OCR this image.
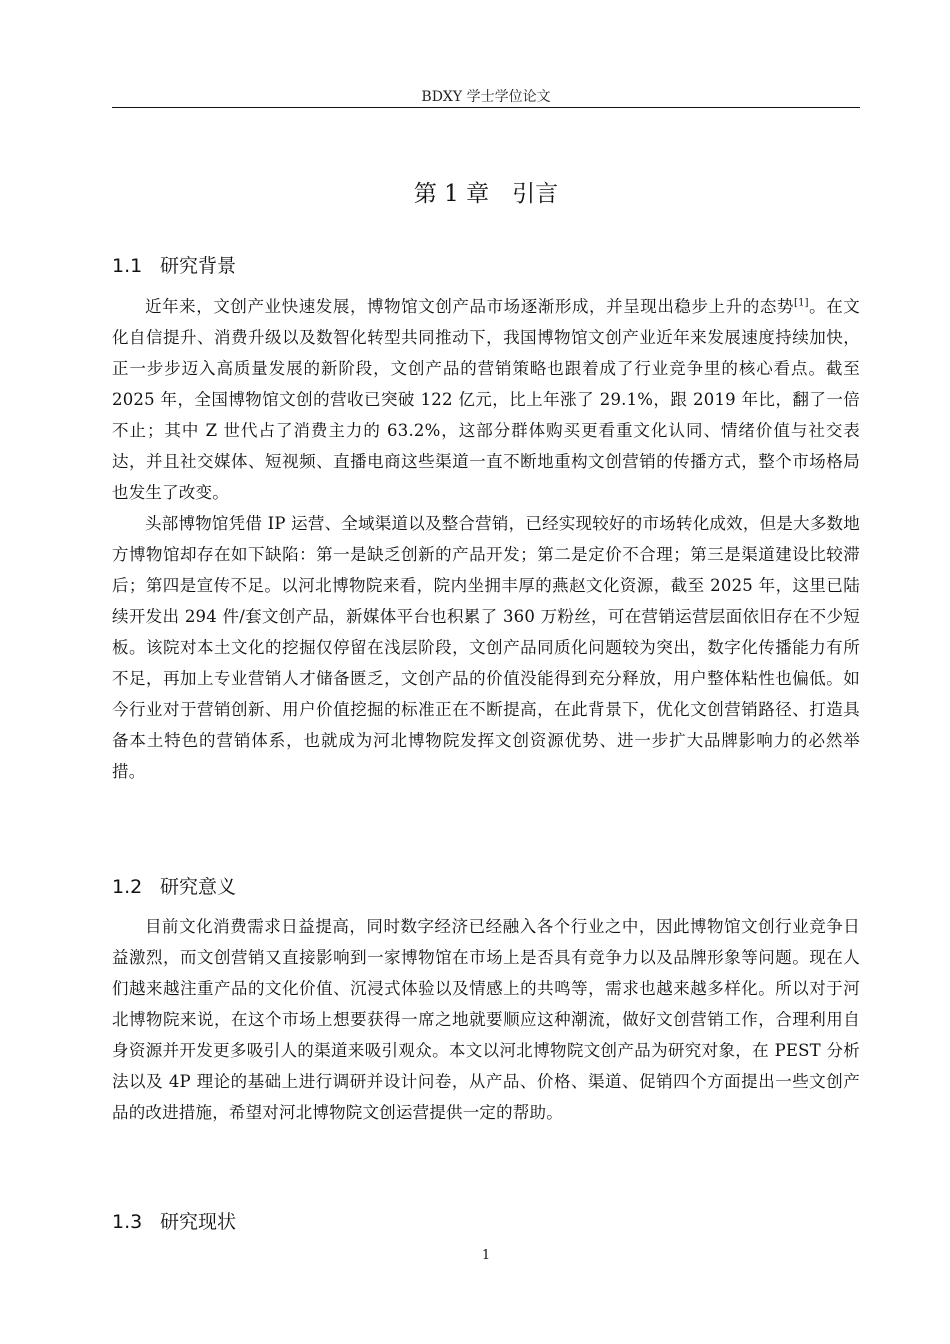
BDXY 学士学位论文
第 1 章　引言
1.1 研究背景

近年来，文创产业快速发展，博物馆文创产品市场逐渐形成，并呈现出稳步上升的态势[1]。在文化自信提升、消费升级以及数智化转型共同推动下，我国博物馆文创产业近年来发展速度持续加快，正一步步迈入高质量发展的新阶段，文创产品的营销策略也跟着成了行业竞争里的核心看点。截至 2025 年，全国博物馆文创的营收已突破 122 亿元，比上年涨了 29.1%，跟 2019 年比，翻了一倍不止；其中 Z 世代占了消费主力的 63.2%，这部分群体购买更看重文化认同、情绪价值与社交表达，并且社交媒体、短视频、直播电商这些渠道一直不断地重构文创营销的传播方式，整个市场格局也发生了改变。

头部博物馆凭借 IP 运营、全域渠道以及整合营销，已经实现较好的市场转化成效，但是大多数地方博物馆却存在如下缺陷：第一是缺乏创新的产品开发；第二是定价不合理；第三是渠道建设比较滞后；第四是宣传不足。以河北博物院来看，院内坐拥丰厚的燕赵文化资源，截至 2025 年，这里已陆续开发出 294 件/套文创产品，新媒体平台也积累了 360 万粉丝，可在营销运营层面依旧存在不少短板。该院对本土文化的挖掘仅停留在浅层阶段，文创产品同质化问题较为突出，数字化传播能力有所不足，再加上专业营销人才储备匮乏，文创产品的价值没能得到充分释放，用户整体粘性也偏低。如今行业对于营销创新、用户价值挖掘的标准正在不断提高，在此背景下，优化文创营销路径、打造具备本土特色的营销体系，也就成为河北博物院发挥文创资源优势、进一步扩大品牌影响力的必然举措。

1.2 研究意义

目前文化消费需求日益提高，同时数字经济已经融入各个行业之中，因此博物馆文创行业竞争日益激烈，而文创营销又直接影响到一家博物馆在市场上是否具有竞争力以及品牌形象等问题。现在人们越来越注重产品的文化价值、沉浸式体验以及情感上的共鸣等，需求也越来越多样化。所以对于河北博物院来说，在这个市场上想要获得一席之地就要顺应这种潮流，做好文创营销工作，合理利用自身资源并开发更多吸引人的渠道来吸引观众。本文以河北博物院文创产品为研究对象，在 PEST 分析法以及 4P 理论的基础上进行调研并设计问卷，从产品、价格、渠道、促销四个方面提出一些文创产品的改进措施，希望对河北博物院文创运营提供一定的帮助。

1.3 研究现状
1
